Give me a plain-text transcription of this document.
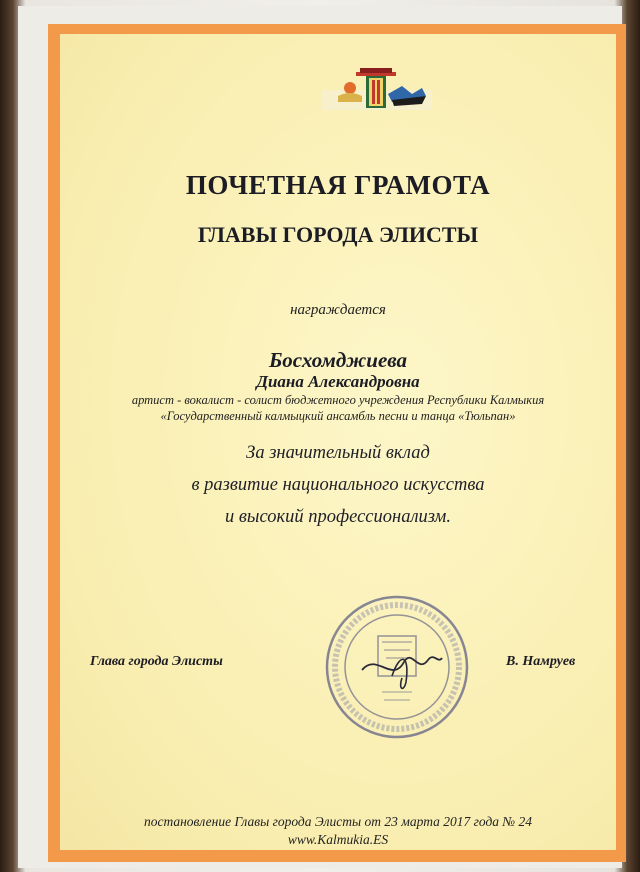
ПОЧЕТНАЯ ГРАМОТА
ГЛАВЫ ГОРОДА ЭЛИСТЫ
награждается
Босхомджиева
Диана Александровна
артист - вокалист - солист бюджетного учреждения Республики Калмыкия
«Государственный калмыцкий ансамбль песни и танца «Тюльпан»
За значительный вклад
в развитие национального искусства
и высокий профессионализм.
Глава города Элисты	В. Намруев
постановление Главы города Элисты от 23 марта 2017 года № 24
www.Kalmukia.ES
